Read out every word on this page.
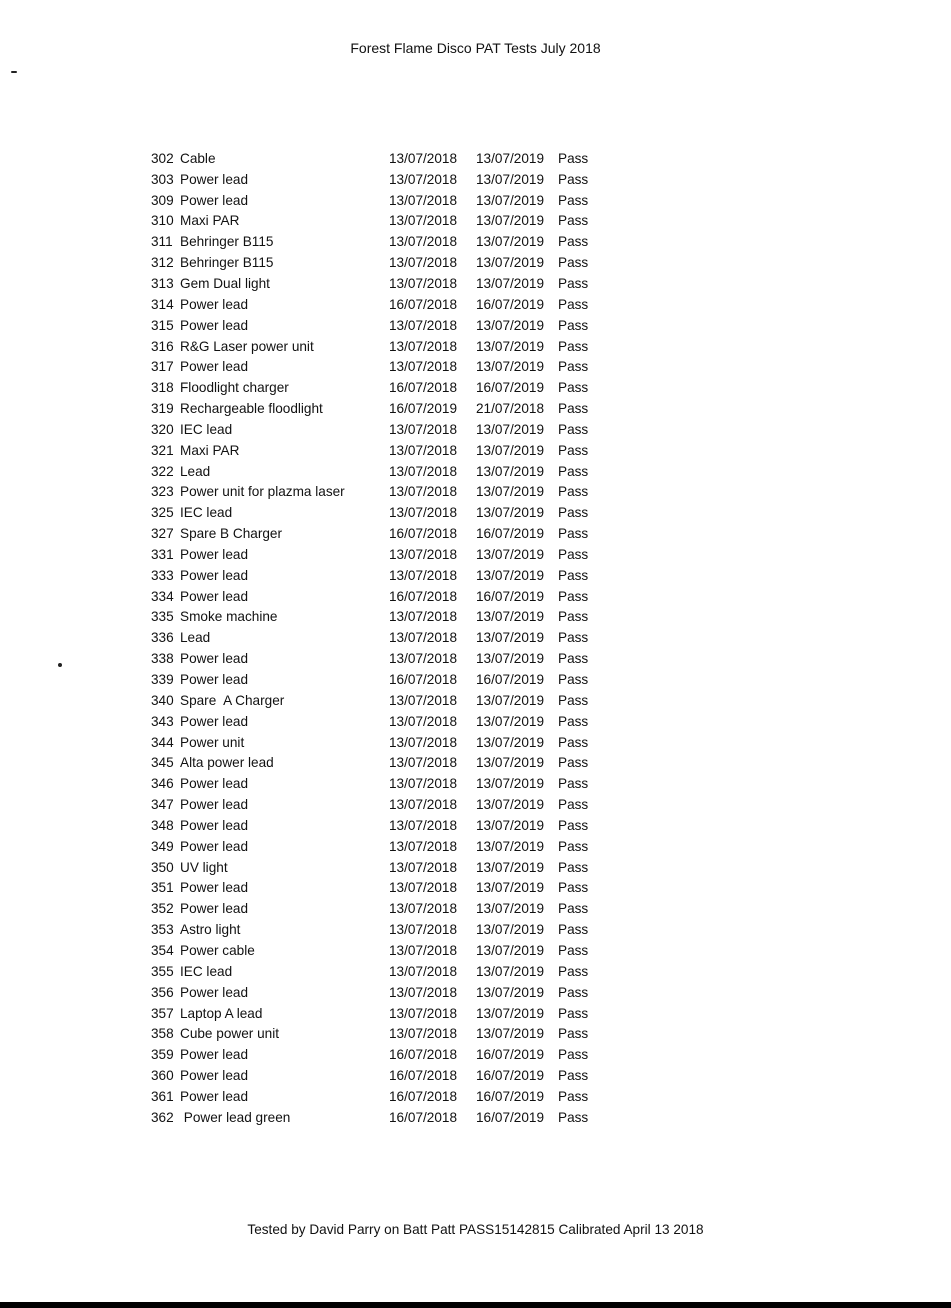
Forest Flame Disco PAT Tests July 2018
302 Cable	13/07/2018	13/07/2019	Pass
303 Power lead	13/07/2018	13/07/2019	Pass
309 Power lead	13/07/2018	13/07/2019	Pass
310 Maxi PAR	13/07/2018	13/07/2019	Pass
311 Behringer B115	13/07/2018	13/07/2019	Pass
312 Behringer B115	13/07/2018	13/07/2019	Pass
313 Gem Dual light	13/07/2018	13/07/2019	Pass
314 Power lead	16/07/2018	16/07/2019	Pass
315 Power lead	13/07/2018	13/07/2019	Pass
316 R&G Laser power unit	13/07/2018	13/07/2019	Pass
317 Power lead	13/07/2018	13/07/2019	Pass
318 Floodlight charger	16/07/2018	16/07/2019	Pass
319 Rechargeable floodlight	16/07/2019	21/07/2018	Pass
320 IEC lead	13/07/2018	13/07/2019	Pass
321 Maxi PAR	13/07/2018	13/07/2019	Pass
322 Lead	13/07/2018	13/07/2019	Pass
323 Power unit for plazma laser	13/07/2018	13/07/2019	Pass
325 IEC lead	13/07/2018	13/07/2019	Pass
327 Spare B Charger	16/07/2018	16/07/2019	Pass
331 Power lead	13/07/2018	13/07/2019	Pass
333 Power lead	13/07/2018	13/07/2019	Pass
334 Power lead	16/07/2018	16/07/2019	Pass
335 Smoke machine	13/07/2018	13/07/2019	Pass
336 Lead	13/07/2018	13/07/2019	Pass
338 Power lead	13/07/2018	13/07/2019	Pass
339 Power lead	16/07/2018	16/07/2019	Pass
340 Spare  A Charger	13/07/2018	13/07/2019	Pass
343 Power lead	13/07/2018	13/07/2019	Pass
344 Power unit	13/07/2018	13/07/2019	Pass
345 Alta power lead	13/07/2018	13/07/2019	Pass
346 Power lead	13/07/2018	13/07/2019	Pass
347 Power lead	13/07/2018	13/07/2019	Pass
348 Power lead	13/07/2018	13/07/2019	Pass
349 Power lead	13/07/2018	13/07/2019	Pass
350 UV light	13/07/2018	13/07/2019	Pass
351 Power lead	13/07/2018	13/07/2019	Pass
352 Power lead	13/07/2018	13/07/2019	Pass
353 Astro light	13/07/2018	13/07/2019	Pass
354 Power cable	13/07/2018	13/07/2019	Pass
355 IEC lead	13/07/2018	13/07/2019	Pass
356 Power lead	13/07/2018	13/07/2019	Pass
357 Laptop A lead	13/07/2018	13/07/2019	Pass
358 Cube power unit	13/07/2018	13/07/2019	Pass
359 Power lead	16/07/2018	16/07/2019	Pass
360 Power lead	16/07/2018	16/07/2019	Pass
361 Power lead	16/07/2018	16/07/2019	Pass
362 Power lead green	16/07/2018	16/07/2019	Pass
Tested by David Parry on Batt Patt PASS15142815 Calibrated April 13 2018
